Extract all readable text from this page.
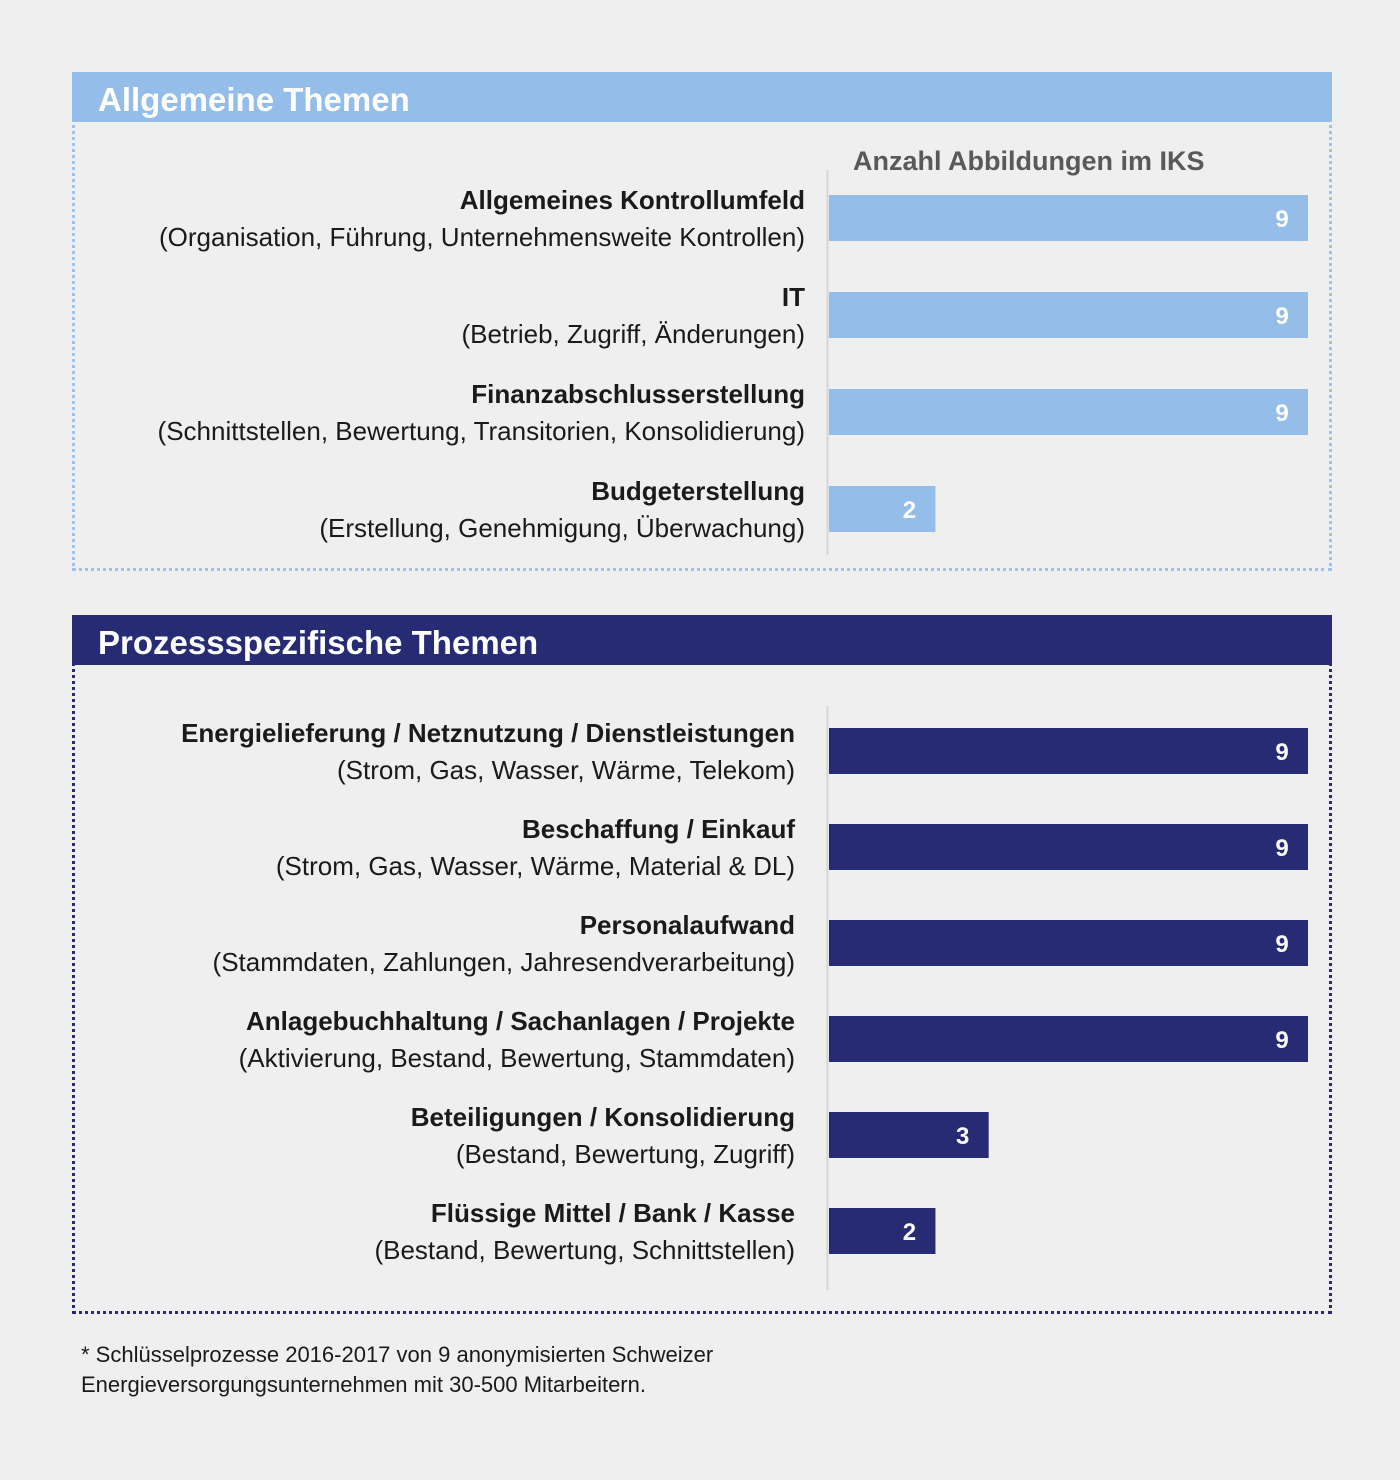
Allgemeine Themen
Anzahl Abbildungen im IKS
9
Allgemeines Kontrollumfeld
(Organisation, Führung, Unternehmensweite Kontrollen)
9
IT
(Betrieb, Zugriff, Änderungen)
9
Finanzabschlusserstellung
(Schnittstellen, Bewertung, Transitorien, Konsolidierung)
2
Budgeterstellung
(Erstellung, Genehmigung, Überwachung)
Prozessspezifische Themen
9
Energielieferung / Netznutzung / Dienstleistungen
(Strom, Gas, Wasser, Wärme, Telekom)
9
Beschaffung / Einkauf
(Strom, Gas, Wasser, Wärme, Material & DL)
9
Personalaufwand
(Stammdaten, Zahlungen, Jahresendverarbeitung)
9
Anlagebuchhaltung / Sachanlagen / Projekte
(Aktivierung, Bestand, Bewertung, Stammdaten)
3
Beteiligungen / Konsolidierung
(Bestand, Bewertung, Zugriff)
2
Flüssige Mittel / Bank / Kasse
(Bestand, Bewertung, Schnittstellen)
* Schlüsselprozesse 2016-2017 von 9 anonymisierten Schweizer
Energieversorgungsunternehmen mit 30-500 Mitarbeitern.
